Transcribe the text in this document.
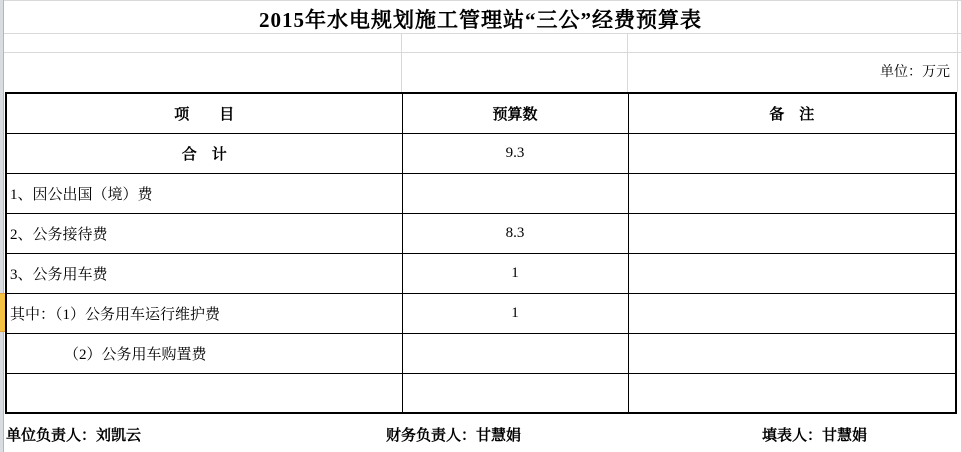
2015年水电规划施工管理站“三公”经费预算表
单位：万元
项　　目	预算数	备　注
合　计	9.3	
1、因公出国（境）费		
2、公务接待费	8.3	
3、公务用车费	1	
其中：（1）公务用车运行维护费	1	
（2）公务用车购置费		

单位负责人：刘凯云	财务负责人：甘慧娟	填表人：甘慧娟
